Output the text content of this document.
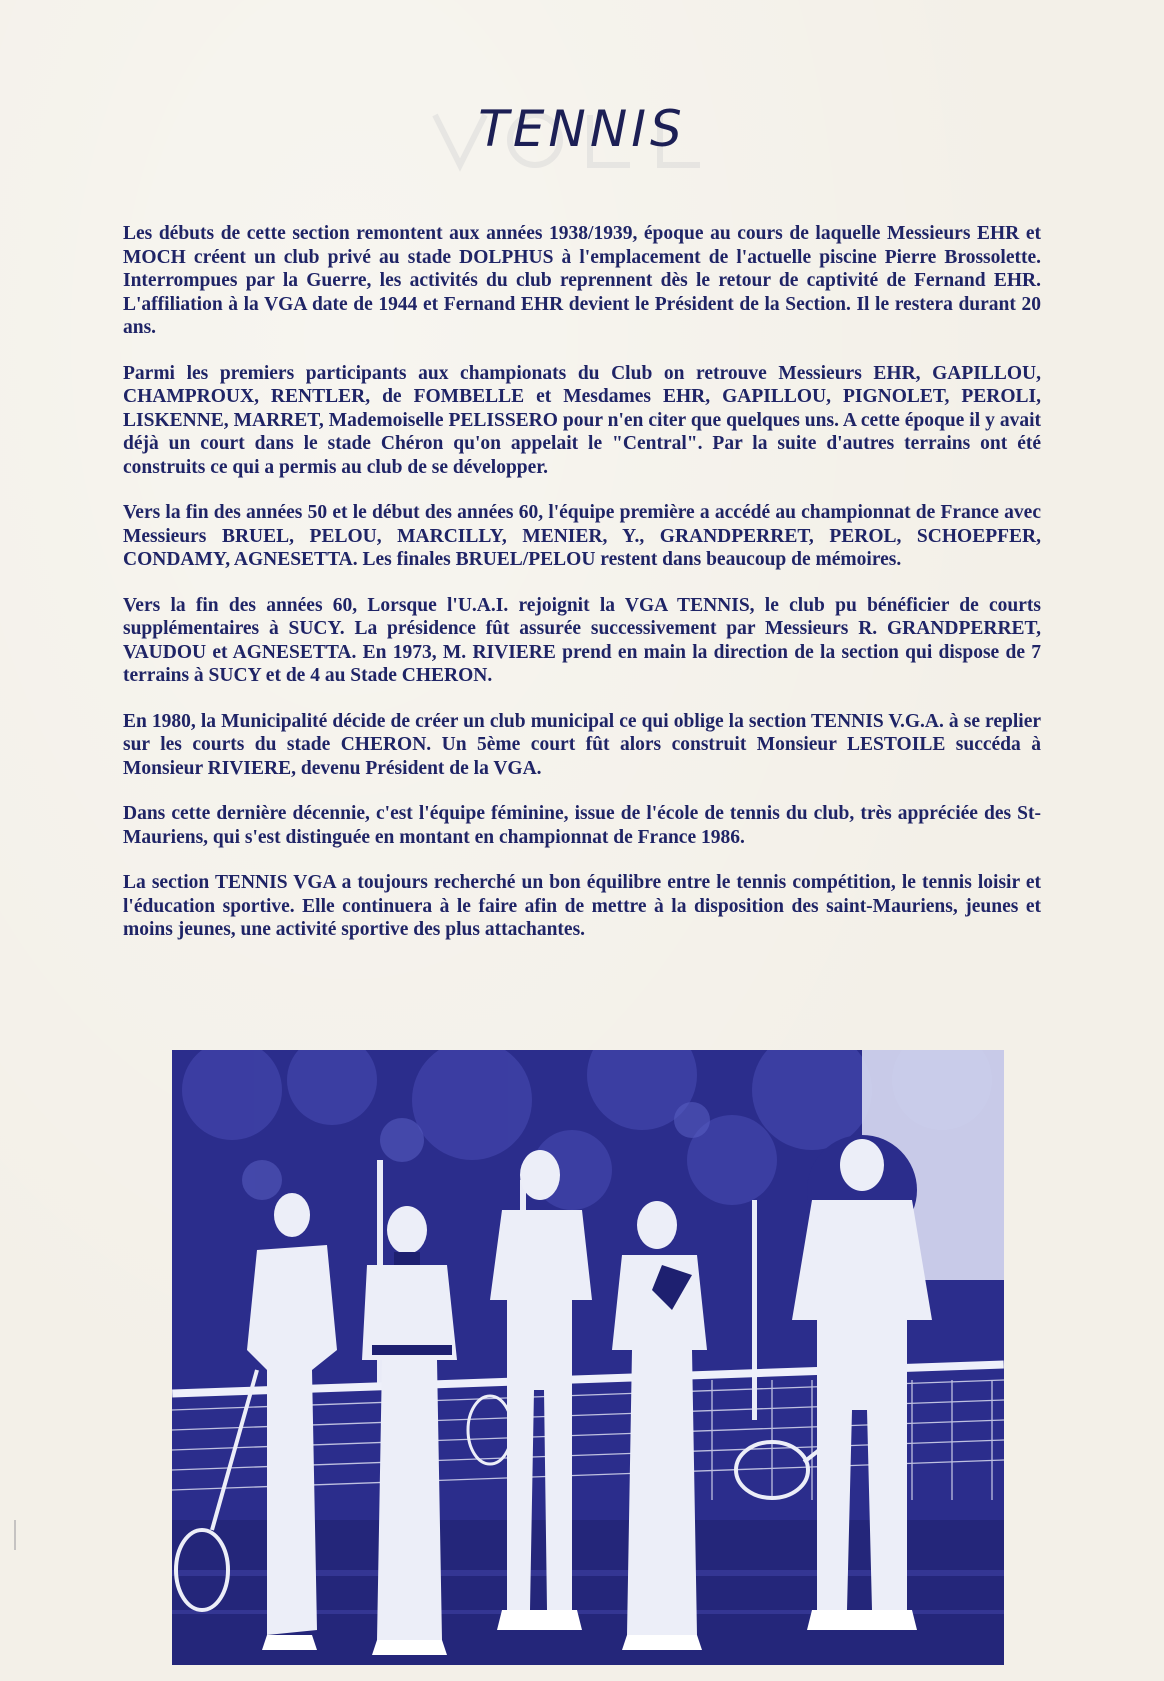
TENNIS

Les débuts de cette section remontent aux années 1938/1939, époque au cours de laquelle Messieurs EHR et MOCH créent un club privé au stade DOLPHUS à l'emplacement de l'actuelle piscine Pierre Brossolette. Interrompues par la Guerre, les activités du club reprennent dès le retour de captivité de Fernand EHR. L'affiliation à la VGA date de 1944 et Fernand EHR devient le Président de la Section. Il le restera durant 20 ans.

Parmi les premiers participants aux championats du Club on retrouve Messieurs EHR, GAPILLOU, CHAMPROUX, RENTLER, de FOMBELLE et Mesdames EHR, GAPILLOU, PIGNOLET, PEROLI, LISKENNE, MARRET, Mademoiselle PELISSERO pour n'en citer que quelques uns. A cette époque il y avait déjà un court dans le stade Chéron qu'on appelait le "Central". Par la suite d'autres terrains ont été construits ce qui a permis au club de se développer.

Vers la fin des années 50 et le début des années 60, l'équipe première a accédé au championnat de France avec Messieurs BRUEL, PELOU, MARCILLY, MENIER, Y., GRANDPERRET, PEROL, SCHOEPFER, CONDAMY, AGNESETTA. Les finales BRUEL/PELOU restent dans beaucoup de mémoires.

Vers la fin des années 60, Lorsque l'U.A.I. rejoignit la VGA TENNIS, le club pu bénéficier de courts supplémentaires à SUCY. La présidence fût assurée successivement par Messieurs R. GRANDPERRET, VAUDOU et AGNESETTA. En 1973, M. RIVIERE prend en main la direction de la section qui dispose de 7 terrains à SUCY et de 4 au Stade CHERON.

En 1980, la Municipalité décide de créer un club municipal ce qui oblige la section TENNIS V.G.A. à se replier sur les courts du stade CHERON. Un 5ème court fût alors construit Monsieur LESTOILE succéda à Monsieur RIVIERE, devenu Président de la VGA.

Dans cette dernière décennie, c'est l'équipe féminine, issue de l'école de tennis du club, très appréciée des St-Mauriens, qui s'est distinguée en montant en championnat de France 1986.

La section TENNIS VGA a toujours recherché un bon équilibre entre le tennis compétition, le tennis loisir et l'éducation sportive. Elle continuera à le faire afin de mettre à la disposition des saint-Mauriens, jeunes et moins jeunes, une activité sportive des plus attachantes.
